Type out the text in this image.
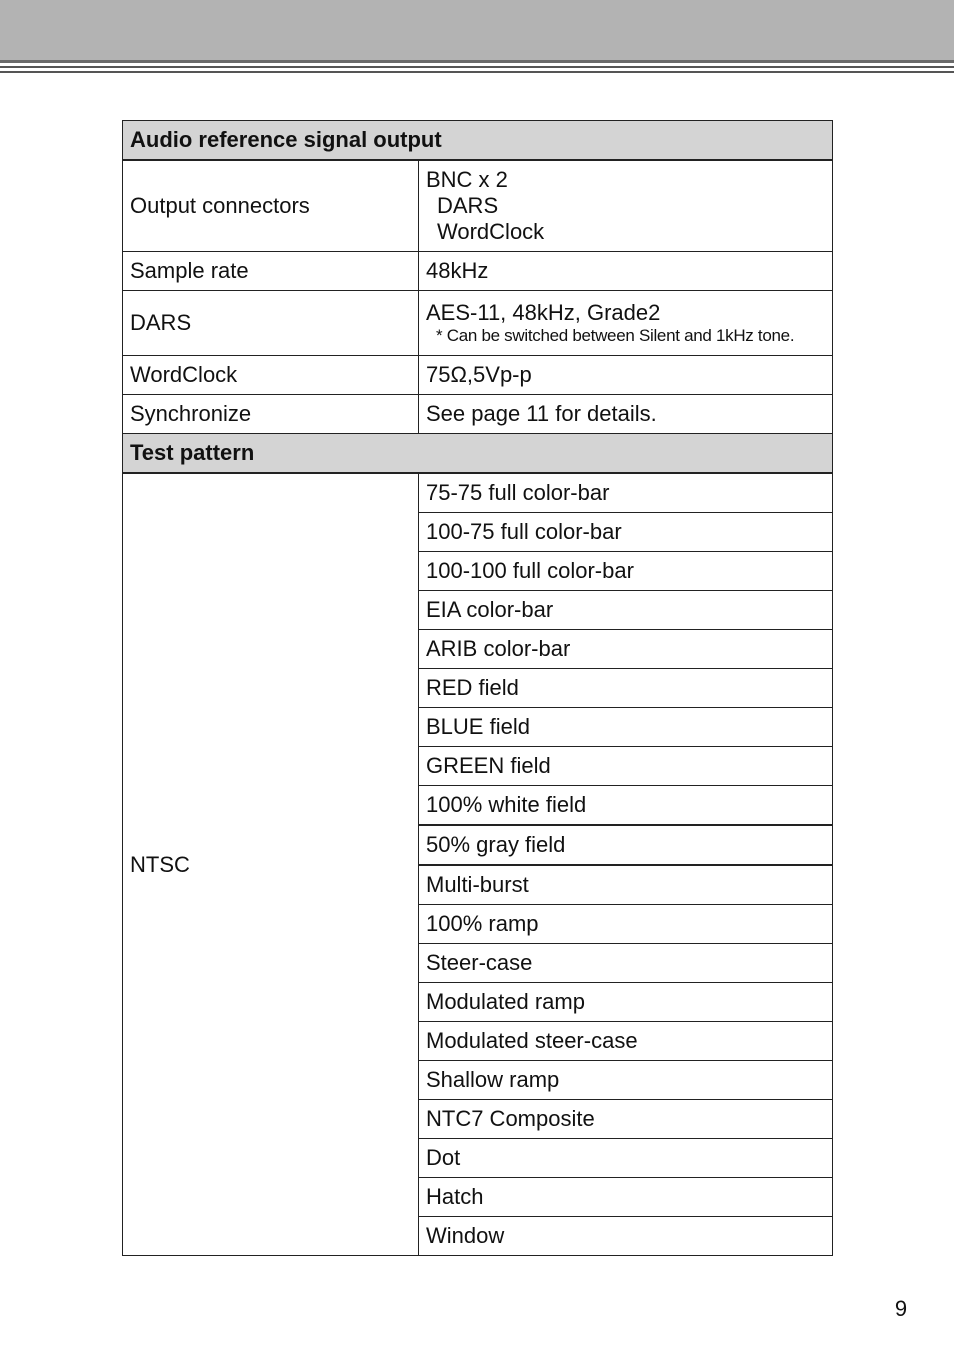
Audio reference signal output	
Output connectors	BNC x 2
DARS
WordClock

Sample rate	48kHz
DARS	AES-11, 48kHz, Grade2
* Can be switched between Silent and 1kHz tone.

WordClock	75Ω,5Vp-p
Synchronize	See page 11 for details.
Test pattern	
NTSC	75-75 full color-bar
	100-75 full color-bar
	100-100 full color-bar
	EIA color-bar
	ARIB color-bar
	RED field
	BLUE field
	GREEN field
	100% white field
	50% gray field
	Multi-burst
	100% ramp
	Steer-case
	Modulated ramp
	Modulated steer-case
	Shallow ramp
	NTC7 Composite
	Dot
	Hatch
	Window
9
